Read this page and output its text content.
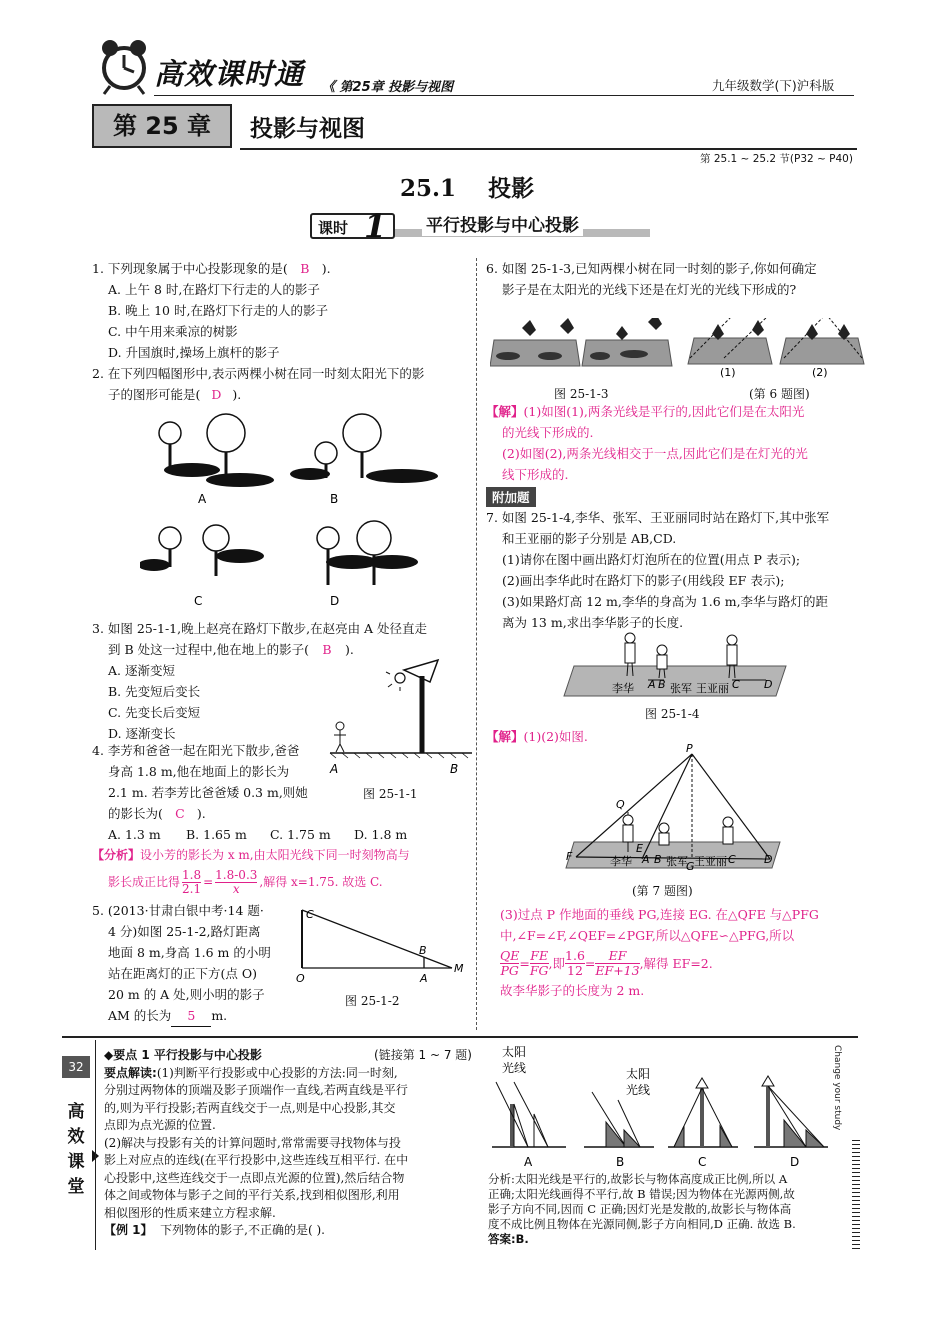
高效课时通 《 第25章 投影与视图	九年级数学(下)沪科版
第 25 章	投影与视图
第 25.1 ~ 25.2 节(P32 ~ P40)
25.1 投影
课时 1 平行投影与中心投影
1. 下列现象属于中心投影现象的是( B ).
A. 上午 8 时,在路灯下行走的人的影子
B. 晚上 10 时,在路灯下行走的人的影子
C. 中午用来乘凉的树影
D. 升国旗时,操场上旗杆的影子
2. 在下列四幅图形中,表示两棵小树在同一时刻太阳光下的影
子的图形可能是( D ).
A	B
C	D
3. 如图 25-1-1,晚上赵亮在路灯下散步,在赵亮由 A 处径直走
到 B 处这一过程中,他在地上的影子( B ).
A. 逐渐变短
B. 先变短后变长
C. 先变长后变短
D. 逐渐变长
A	B
图 25-1-1
4. 李芳和爸爸一起在阳光下散步,爸爸
身高 1.8 m,他在地面上的影长为
2.1 m. 若李芳比爸爸矮 0.3 m,则她
的影长为( C ).
A. 1.3 m B. 1.65 m C. 1.75 m D. 1.8 m
【分析】设小芳的影长为 x m,由太阳光线下同一时刻物高与
影长成正比得 $\frac{1.8}{2.1} = \frac{1.8-0.3}{x}$ ,解得 x=1.75. 故选 C.
5. (2013·甘肃白银中考·14 题·
4 分)如图 25-1-2,路灯距离
地面 8 m,身高 1.6 m 的小明
站在距离灯的正下方(点 O)
20 m 的 A 处,则小明的影子
AM 的长为 5 m.
C
B
O	A
M
图 25-1-2
6. 如图 25-1-3,已知两棵小树在同一时刻的影子,你如何确定
影子是在太阳光的光线下还是在灯光的光线下形成的?
(1)	(2)
图 25-1-3	(第 6 题图)
【解】(1)如图(1),两条光线是平行的,因此它们是在太阳光
的光线下形成的.
(2)如图(2),两条光线相交于一点,因此它们是在灯光的光
线下形成的.
附加题
7. 如图 25-1-4,李华、张军、王亚丽同时站在路灯下,其中张军
和王亚丽的影子分别是 AB,CD.
(1)请你在图中画出路灯灯泡所在的位置(用点 P 表示);
(2)画出李华此时在路灯下的影子(用线段 EF 表示);
(3)如果路灯高 12 m,李华的身高为 1.6 m,李华与路灯的距
离为 13 m,求出李华影子的长度.
李华 A B 张军 王亚丽 C D
图 25-1-4
【解】(1)(2)如图.
P
Q
E
F
G
李华 A B 张军 王亚丽 C	D
(第 7 题图)
(3)过点 P 作地面的垂线 PG,连接 EG. 在△QFE 与△PFG
中,∠F=∠F,∠QEF=∠PGF,所以△QFE∽△PFG,所以
$\frac{QE}{PG} = \frac{FE}{FG}$ ,即 $\frac{1.6}{12} = \frac{EF}{EF+13}$ ,解得 EF=2.
故李华影子的长度为 2 m.
32
高
效
课
堂
◆要点 1 平行投影与中心投影	(链接第 1 ~ 7 题)
要点解读:(1)判断平行投影或中心投影的方法:同一时刻,
分别过两物体的顶端及影子顶端作一直线,若两直线是平行
的,则为平行投影;若两直线交于一点,则是中心投影,其交
点即为点光源的位置.
(2)解决与投影有关的计算问题时,常常需要寻找物体与投
影上对应点的连线(在平行投影中,这些连线互相平行. 在中
心投影中,这些连线交于一点即点光源的位置),然后结合物
体之间或物体与影子之间的平行关系,找到相似图形,利用
相似图形的性质来建立方程求解.
【例 1】 下列物体的影子,不正确的是( ).
太阳
光线	太阳
光线
A	B	C	D
分析:太阳光线是平行的,故影长与物体高度成正比例,所以 A
正确;太阳光线画得不平行,故 B 错误;因为物体在光源两侧,故
影子方向不同,因而 C 正确;因灯光是发散的,故影长与物体高
度不成比例且物体在光源同侧,影子方向相同,D 正确. 故选 B.
答案:B.
Change your study
